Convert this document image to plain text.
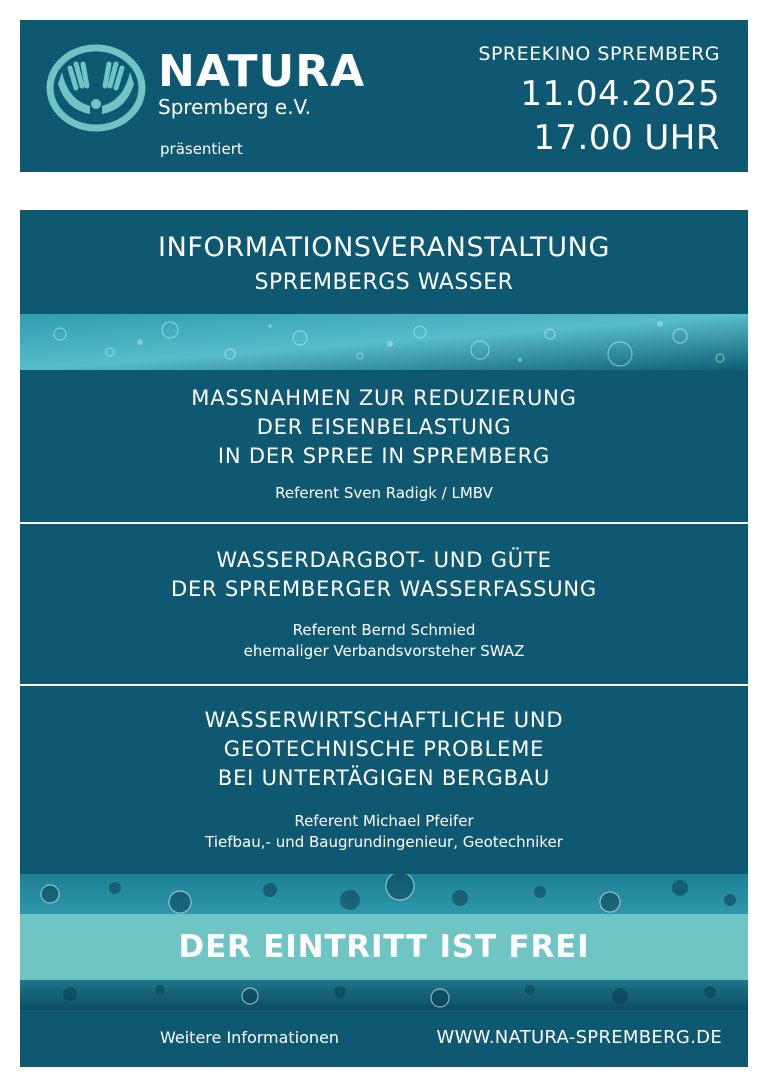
NATURA
Spremberg e.V.
präsentiert
SPREEKINO SPREMBERG
11.04.2025
17.00 UHR
INFORMATIONSVERANSTALTUNG
SPREMBERGS WASSER
MASSNAHMEN ZUR REDUZIERUNG
DER EISENBELASTUNG
IN DER SPREE IN SPREMBERG

Referent Sven Radigk / LMBV

WASSERDARGBOT- UND GÜTE
DER SPREMBERGER WASSERFASSUNG

Referent Bernd Schmied

ehemaliger Verbandsvorsteher SWAZ

WASSERWIRTSCHAFTLICHE UND
GEOTECHNISCHE PROBLEME
BEI UNTERTÄGIGEN BERGBAU

Referent Michael Pfeifer

Tiefbau,- und Baugrundingenieur, Geotechniker

DER EINTRITT IST FREI
Weitere Informationen	WWW.NATURA-SPREMBERG.DE
